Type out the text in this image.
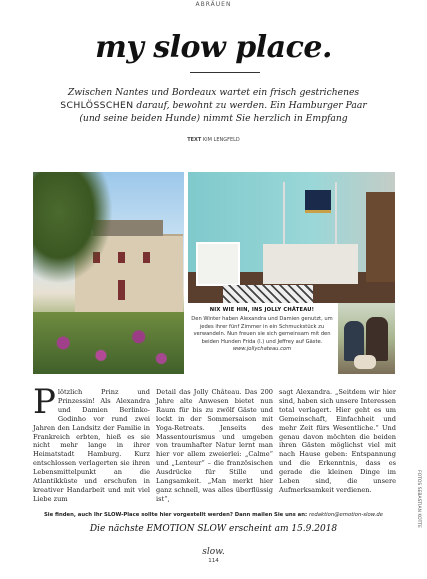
ABRÄUEN
my slow place.
Zwischen Nantes und Bordeaux wartet ein frisch gestrichenes SCHLÖSSCHEN darauf, bewohnt zu werden. Ein Hamburger Paar (und seine beiden Hunde) nimmt Sie herzlich in Empfang
TEXT KIM LENGFELD
NIX WIE HIN, INS JOLLY CHÂTEAU!
Den Winter haben Alexandra und Damien genutzt, um jedes ihrer fünf Zimmer in ein Schmuckstück zu verwandeln. Nun freuen sie sich gemeinsam mit den beiden Hunden Frida (l.) und Jeffrey auf Gäste. www.jollychateau.com
Plötzlich Prinz und Prinzessin! Als Alexandra und Damien Berlinko-Godinho vor rund zwei Jahren den Landsitz der Familie in Frankreich erbten, hieß es sie nicht mehr lange in ihrer Heimatstadt Hamburg. Kurz entschlossen verlagerten sie ihren Lebensmittelpunkt an die Atlantikküste und erschufen in kreativer Handarbeit und mit viel Liebe zum
Detail das Jolly Château. Das 200 Jahre alte Anwesen bietet nun Raum für bis zu zwölf Gäste und lockt in der Sommersaison mit Yoga-Retreats. Jenseits des Massentourismus und umgeben von traumhafter Natur lernt man hier vor allem zweierlei: „Calme“ und „Lenteur“ – die französischen Ausdrücke für Stille und Langsamkeit. „Man merkt hier ganz schnell, was alles überflüssig ist“,
sagt Alexandra. „Seitdem wir hier sind, haben sich unsere Interessen total verlagert. Hier geht es um Gemeinschaft, Einfachheit und mehr Zeit fürs Wesentliche.“ Und genau davon möchten die beiden ihren Gästen möglichst viel mit nach Hause geben: Entspannung und die Erkenntnis, dass es gerade die kleinen Dinge im Leben sind, die unsere Aufmerksamkeit verdienen.	FOTOS SEBASTIAN KOTTE
Sie finden, auch Ihr SLOW-Place sollte hier vorgestellt werden? Dann mailen Sie uns an: redaktion@emotion-slow.de
Die nächste EMOTION SLOW erscheint am 15.9.2018
slow.
114
